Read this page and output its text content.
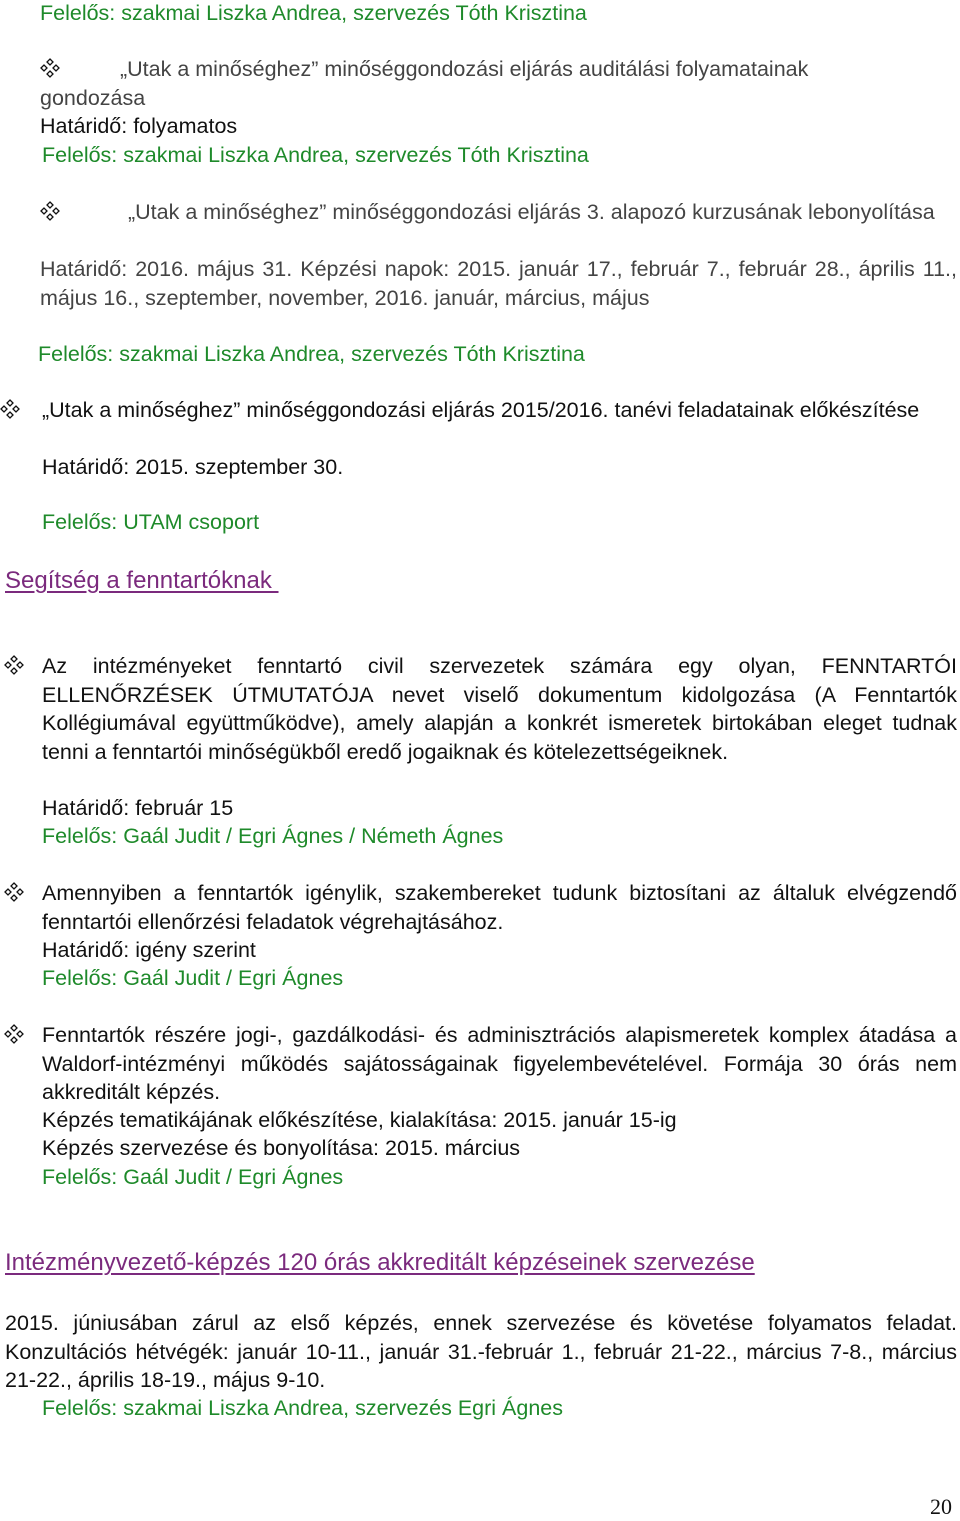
Felelős: szakmai Liszka Andrea, szervezés Tóth Krisztina
„Utak a minőséghez” minőséggondozási eljárás auditálási folyamatainak gondozása
Határidő: folyamatos
Felelős: szakmai Liszka Andrea, szervezés Tóth Krisztina
„Utak a minőséghez” minőséggondozási eljárás 3. alapozó kurzusának lebonyolítása
Határidő: 2016. május 31. Képzési napok: 2015. január 17., február 7., február 28., április 11., május 16., szeptember, november, 2016. január, március, május
Felelős: szakmai Liszka Andrea, szervezés Tóth Krisztina
„Utak a minőséghez” minőséggondozási eljárás 2015/2016. tanévi feladatainak előkészítése
Határidő: 2015. szeptember 30.
Felelős: UTAM csoport
Segítség a fenntartóknak
Az intézményeket fenntartó civil szervezetek számára egy olyan, FENNTARTÓI ELLENŐRZÉSEK ÚTMUTATÓJA nevet viselő dokumentum kidolgozása (A Fenntartók Kollégiumával együttműködve), amely alapján a konkrét ismeretek birtokában eleget tudnak tenni a fenntartói minőségükből eredő jogaiknak és kötelezettségeiknek.
Határidő: február 15
Felelős: Gaál Judit / Egri Ágnes / Németh Ágnes
Amennyiben a fenntartók igénylik, szakembereket tudunk biztosítani az általuk elvégzendő fenntartói ellenőrzési feladatok végrehajtásához.
Határidő: igény szerint
Felelős: Gaál Judit / Egri Ágnes
Fenntartók részére jogi-, gazdálkodási- és adminisztrációs alapismeretek komplex átadása a Waldorf-intézményi működés sajátosságainak figyelembevételével. Formája 30 órás nem akkreditált képzés.
Képzés tematikájának előkészítése, kialakítása: 2015. január 15-ig
Képzés szervezése és bonyolítása: 2015. március
Felelős: Gaál Judit / Egri Ágnes
Intézményvezető-képzés 120 órás akkreditált képzéseinek szervezése
2015. júniusában zárul az első képzés, ennek szervezése és követése folyamatos feladat. Konzultációs hétvégék: január 10-11., január 31.-február 1., február 21-22., március 7-8., március 21-22., április 18-19., május 9-10.
Felelős: szakmai Liszka Andrea, szervezés Egri Ágnes
20
